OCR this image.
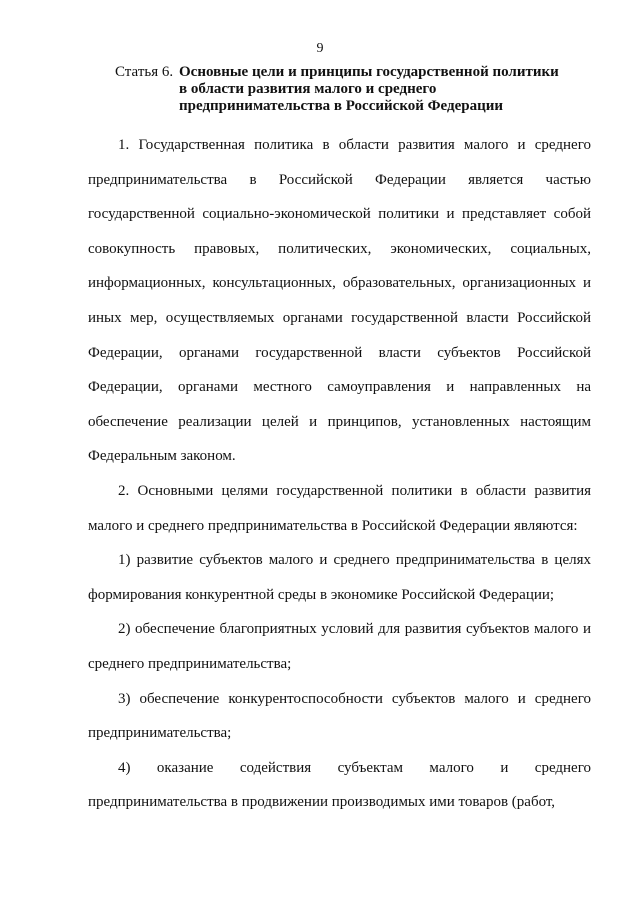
9
Статья 6. Основные цели и принципы государственной политики в области развития малого и среднего предпринимательства в Российской Федерации

1. Государственная политика в области развития малого и среднего предпринимательства в Российской Федерации является частью государственной социально-экономической политики и представляет собой совокупность правовых, политических, экономических, социальных, информационных, консультационных, образовательных, организационных и иных мер, осуществляемых органами государственной власти Российской Федерации, органами государственной власти субъектов Российской Федерации, органами местного самоуправления и направленных на обеспечение реализации целей и принципов, установленных настоящим Федеральным законом.

2. Основными целями государственной политики в области развития малого и среднего предпринимательства в Российской Федерации являются:

1) развитие субъектов малого и среднего предпринимательства в целях формирования конкурентной среды в экономике Российской Федерации;

2) обеспечение благоприятных условий для развития субъектов малого и среднего предпринимательства;

3) обеспечение конкурентоспособности субъектов малого и среднего предпринимательства;

4) оказание содействия субъектам малого и среднего предпринимательства в продвижении производимых ими товаров (работ,
